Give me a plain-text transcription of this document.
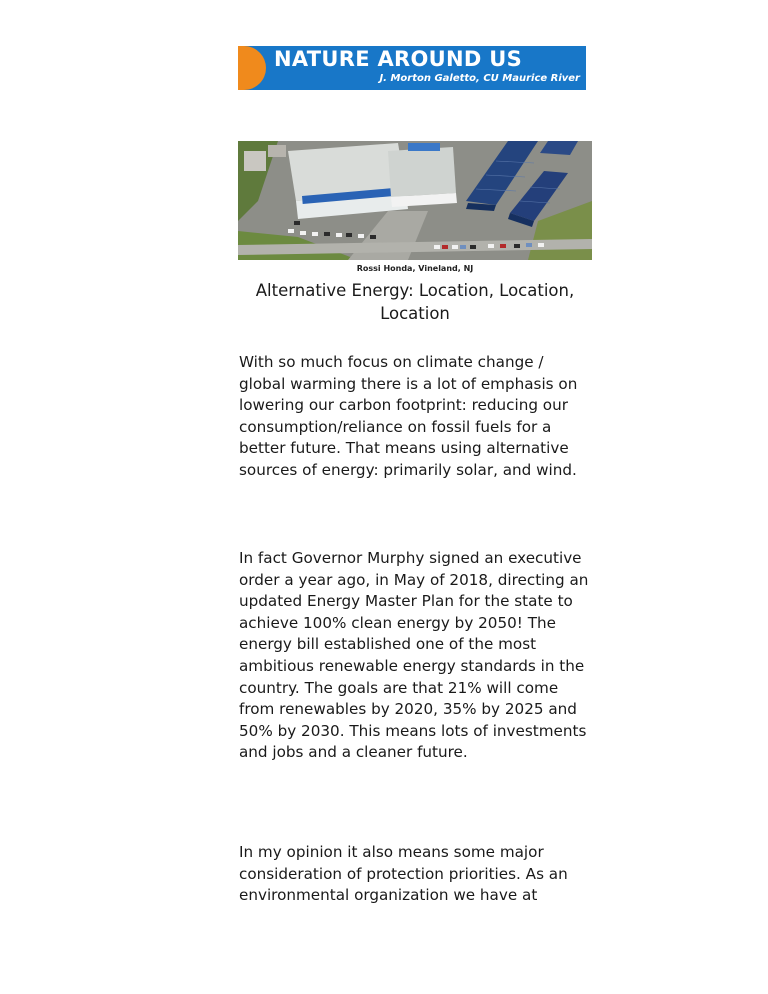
NATURE AROUND US
J. Morton Galetto, CU Maurice River
Rossi Honda, Vineland, NJ
Alternative Energy: Location, Location, Location
With so much focus on climate change / global warming there is a lot of emphasis on lowering our carbon footprint: reducing our consumption/reliance on fossil fuels for a better future. That means using alternative sources of energy: primarily solar, and wind.
In fact Governor Murphy signed an executive order a year ago, in May of 2018, directing an updated Energy Master Plan for the state to achieve 100% clean energy by 2050! The energy bill established one of the most ambitious renewable energy standards in the country. The goals are that 21% will come from renewables by 2020, 35% by 2025 and 50% by 2030. This means lots of investments and jobs and a cleaner future.
In my opinion it also means some major consideration of protection priorities. As an environmental organization we have at
